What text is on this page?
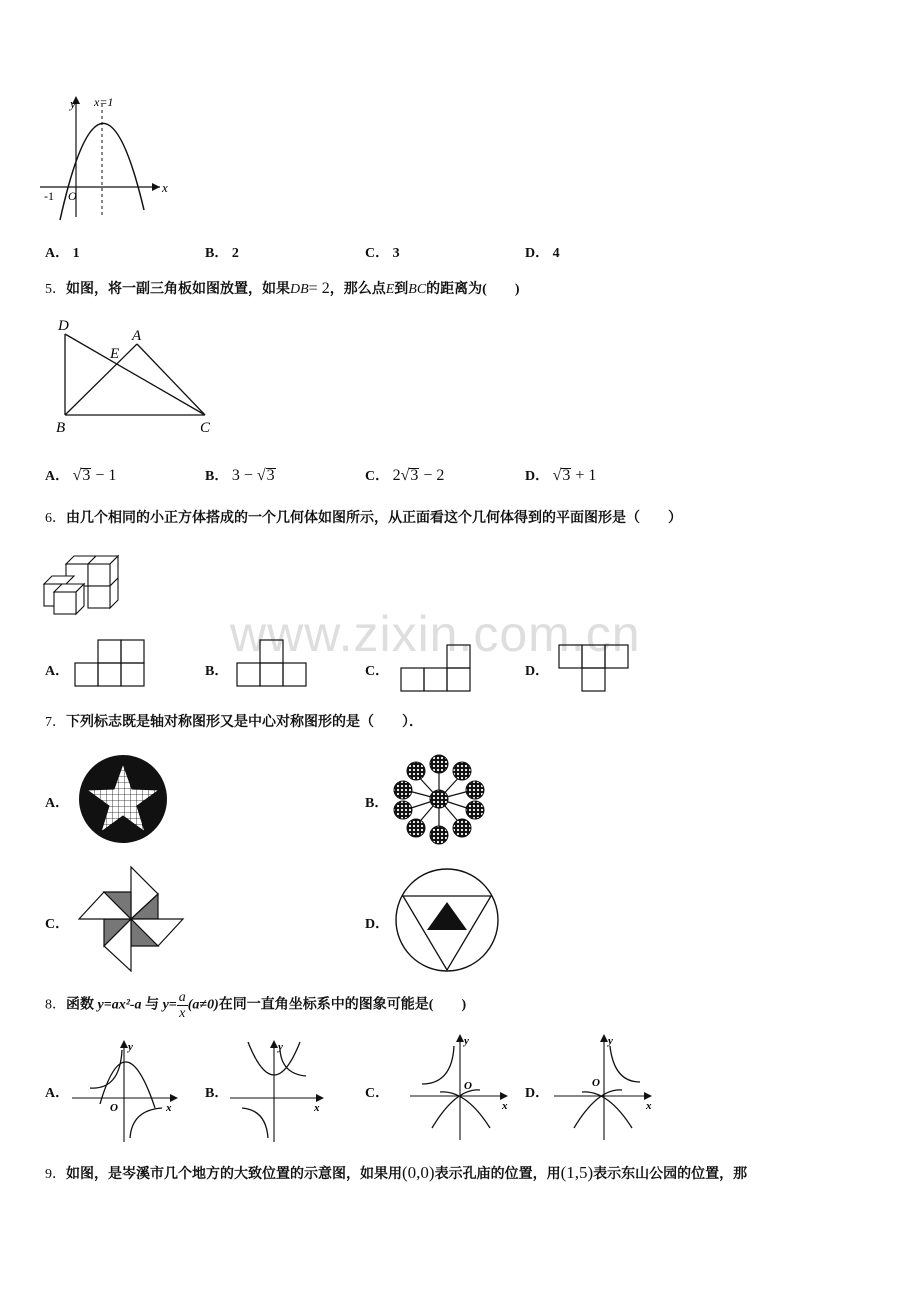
www.zixin.com.cn
y x=1
x
O
-1
A． 1	B． 2	C． 3	D． 4
5．如图，将一副三角板如图放置，如果DB= 2，那么点E到BC的距离为(　　)
D
A
E
B	C
A． √3 − 1	B． 3 − √3	C． 2√3 − 2	D． √3 + 1
6．由几个相同的小正方体搭成的一个几何体如图所示，从正面看这个几何体得到的平面图形是（　　）
A．	B．	C．	D．
7．下列标志既是轴对称图形又是中心对称图形的是（　　）．
A．	B．
C．	D．
8．函数 y=ax²-a 与 $y= \frac{a}{x} (a\ne 0)$在同一直角坐标系中的图象可能是(　　)
A．
y
x
O
B．
y
x
C．
y
x
O	D．
y
x
O
9．如图，是岑溪市几个地方的大致位置的示意图，如果用(0,0)表示孔庙的位置，用(1,5)表示东山公园的位置，那
